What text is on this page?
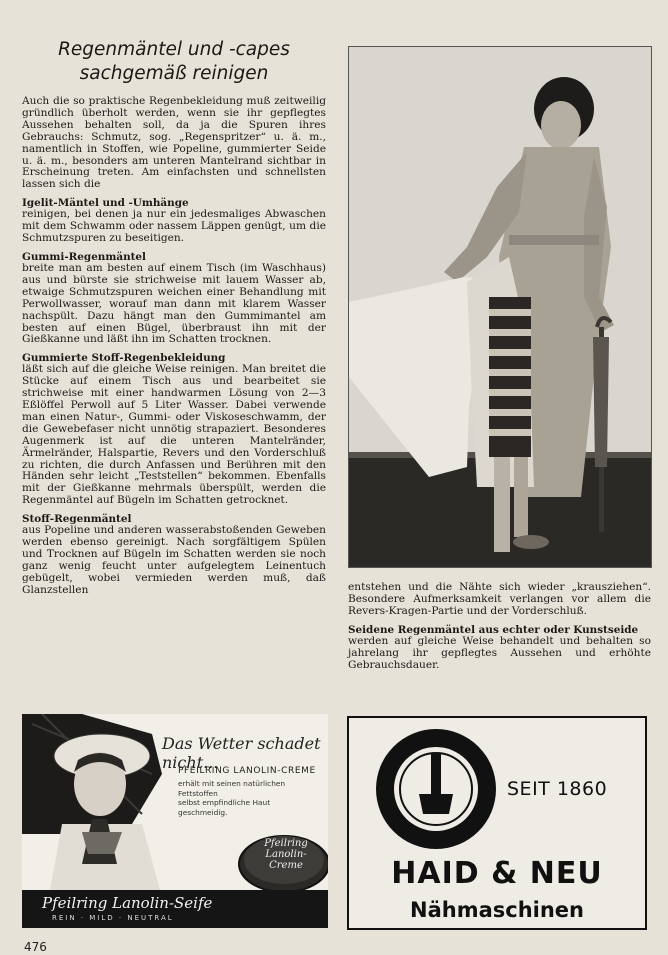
Regenmäntel und -capes
sachgemäß reinigen

Auch die so praktische Regenbekleidung muß zeitweilig gründlich überholt werden, wenn sie ihr gepflegtes Aussehen behalten soll, da ja die Spuren ihres Gebrauchs: Schmutz, sog. „Regenspritzer“ u. ä. m., namentlich in Stoffen, wie Popeline, gummierter Seide u. ä. m., besonders am unteren Mantelrand sichtbar in Erscheinung treten. Am einfachsten und schnellsten lassen sich die

Igelit-Mäntel und -Umhänge

reinigen, bei denen ja nur ein jedesmaliges Abwaschen mit dem Schwamm oder nassem Läppen genügt, um die Schmutzspuren zu beseitigen.

Gummi-Regenmäntel

breite man am besten auf einem Tisch (im Waschhaus) aus und bürste sie strichweise mit lauem Wasser ab, etwaige Schmutzspuren weichen einer Behandlung mit Perwollwasser, worauf man dann mit klarem Wasser nachspült. Dazu hängt man den Gummimantel am besten auf einen Bügel, überbraust ihn mit der Gießkanne und läßt ihn im Schatten trocknen.

Gummierte Stoff-Regenbekleidung

läßt sich auf die gleiche Weise reinigen. Man breitet die Stücke auf einem Tisch aus und bearbeitet sie strichweise mit einer handwarmen Lösung von 2—3 Eßlöffel Perwoll auf 5 Liter Wasser. Dabei verwende man einen Natur-, Gummi- oder Viskoseschwamm, der die Gewebefaser nicht unnötig strapaziert. Besonderes Augenmerk ist auf die unteren Mantelränder, Ärmelränder, Halspartie, Revers und den Vorderschluß zu richten, die durch Anfassen und Berühren mit den Händen sehr leicht „Teststellen“ bekommen. Ebenfalls mit der Gießkanne mehrmals überspült, werden die Regenmäntel auf Bügeln im Schatten getrocknet.

Stoff-Regenmäntel

aus Popeline und anderen wasserabstoßenden Geweben werden ebenso gereinigt. Nach sorgfältigem Spülen und Trocknen auf Bügeln im Schatten werden sie noch ganz wenig feucht unter aufgelegtem Leinentuch gebügelt, wobei vermieden werden muß, daß Glanzstellen	entstehen und die Nähte sich wieder „krausziehen“. Besondere Aufmerksamkeit verlangen vor allem die Revers-Kragen-Partie und der Vorderschluß.

Seidene Regenmäntel aus echter oder Kunstseide

werden auf gleiche Weise behandelt und behalten so jahrelang ihr gepflegtes Aussehen und erhöhte Gebrauchsdauer.

Das Wetter schadet nicht...
PFEILRING LANOLIN-CREME
erhält mit seinen natürlichen
Fettstoffen
selbst empfindliche Haut
geschmeidig.
Pfeilring
Lanolin-
Creme
Pfeilring Lanolin-Seife
REIN · MILD · NEUTRAL
SEIT 1860
HAID & NEU
Nähmaschinen
476
